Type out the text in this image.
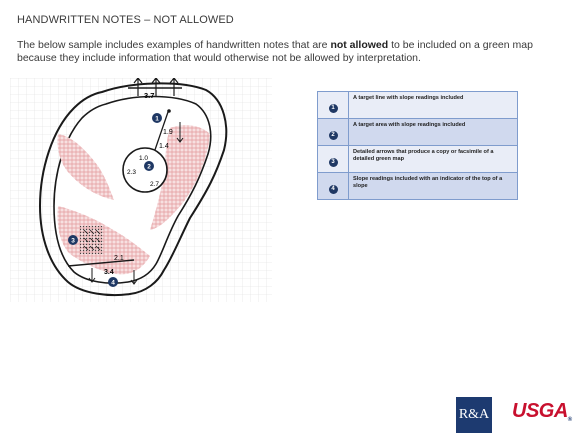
HANDWRITTEN NOTES – NOT ALLOWED
The below sample includes examples of handwritten notes that are not allowed to be included on a green map because they include information that would otherwise not be allowed by interpretation.
3.7
1.9
1.4
1.0
2.3
2.7
2.1
3.4
1
2
3
4
1	A target line with slope readings included
2	A target area with slope readings included
3	Detailed arrows that produce a copy or facsimile of a detailed green map
4	Slope readings included with an indicator of the top of a slope
R&A USGA®
